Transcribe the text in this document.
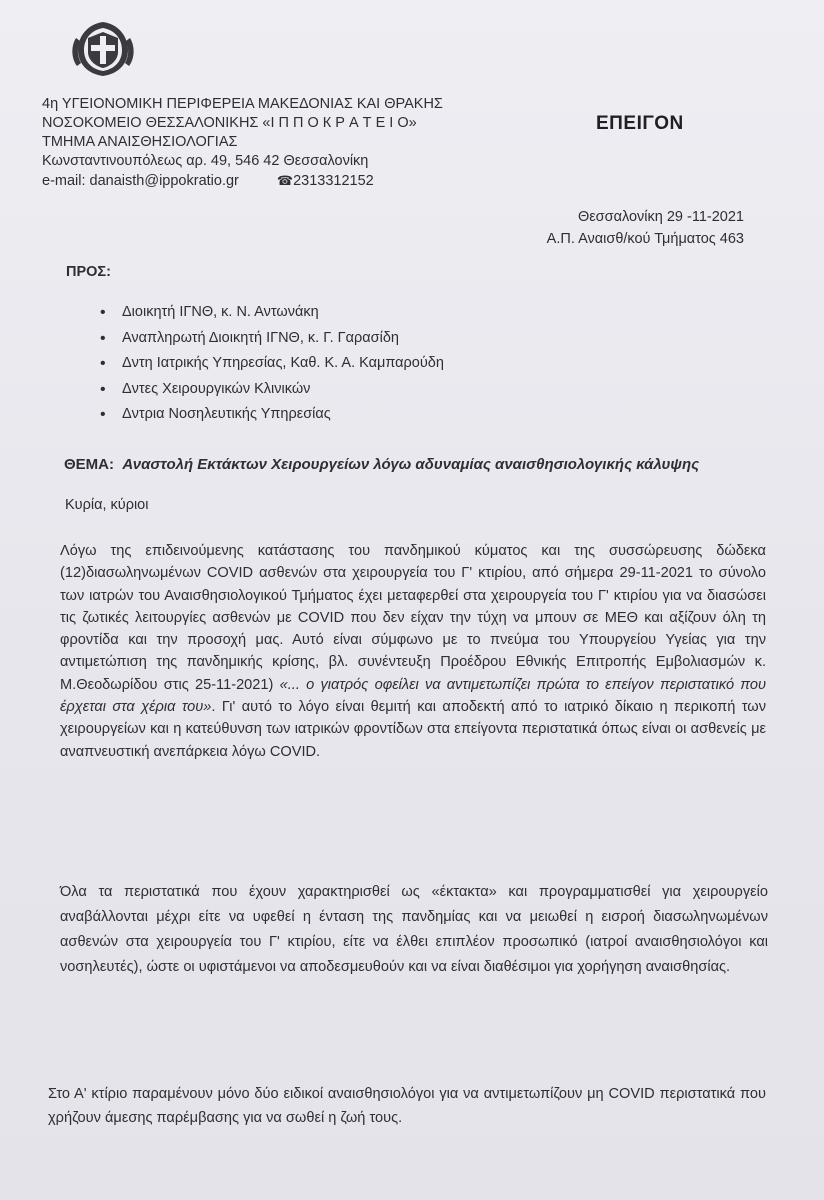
4η ΥΓΕΙΟΝΟΜΙΚΗ ΠΕΡΙΦΕΡΕΙΑ ΜΑΚΕΔΟΝΙΑΣ ΚΑΙ ΘΡΑΚΗΣ
ΝΟΣΟΚΟΜΕΙΟ ΘΕΣΣΑΛΟΝΙΚΗΣ «Ι Π П О К Р А Т Е І О»
ΤΜΗΜΑ ΑΝΑΙΣΘΗΣΙΟΛΟΓΙΑΣ
Κωνσταντινουπόλεως αρ. 49, 546 42 Θεσσαλονίκη
e-mail: danaisth@ippokratio.gr	☎2313312152
ΕΠΕΙΓΟΝ
Θεσσαλονίκη 29 -11-2021
Α.Π. Αναισθ/κού Τμήματος 463
ΠΡΟΣ:
• Διοικητή ΙΓΝΘ, κ. Ν. Αντωνάκη
• Αναπληρωτή Διοικητή ΙΓΝΘ, κ. Γ. Γαρασίδη
• Δντη Ιατρικής Υπηρεσίας, Καθ. Κ. Α. Καμπαρούδη
• Δντες Χειρουργικών Κλινικών
• Δντρια Νοσηλευτικής Υπηρεσίας
ΘΕΜΑ: Αναστολή Εκτάκτων Χειρουργείων λόγω αδυναμίας αναισθησιολογικής κάλυψης
Κυρία, κύριοι

Λόγω της επιδεινούμενης κατάστασης του πανδημικού κύματος και της συσσώρευσης δώδεκα (12)διασωληνωμένων COVID ασθενών στα χειρουργεία του Γ' κτιρίου, από σήμερα 29-11-2021 το σύνολο των ιατρών του Αναισθησιολογικού Τμήματος έχει μεταφερθεί στα χειρουργεία του Γ' κτιρίου για να διασώσει τις ζωτικές λειτουργίες ασθενών με COVID που δεν είχαν την τύχη να μπουν σε ΜΕΘ και αξίζουν όλη τη φροντίδα και την προσοχή μας. Αυτό είναι σύμφωνο με το πνεύμα του Υπουργείου Υγείας για την αντιμετώπιση της πανδημικής κρίσης, βλ. συνέντευξη Προέδρου Εθνικής Επιτροπής Εμβολιασμών κ. Μ.Θεοδωρίδου στις 25-11-2021) «... ο γιατρός οφείλει να αντιμετωπίζει πρώτα το επείγον περιστατικό που έρχεται στα χέρια του». Γι' αυτό το λόγο είναι θεμιτή και αποδεκτή από το ιατρικό δίκαιο η περικοπή των χειρουργείων και η κατεύθυνση των ιατρικών φροντίδων στα επείγοντα περιστατικά όπως είναι οι ασθενείς με αναπνευστική ανεπάρκεια λόγω COVID.

Όλα τα περιστατικά που έχουν χαρακτηρισθεί ως «έκτακτα» και προγραμματισθεί για χειρουργείο αναβάλλονται μέχρι είτε να υφεθεί η ένταση της πανδημίας και να μειωθεί η εισροή διασωληνωμένων ασθενών στα χειρουργεία του Γ' κτιρίου, είτε να έλθει επιπλέον προσωπικό (ιατροί αναισθησιολόγοι και νοσηλευτές), ώστε οι υφιστάμενοι να αποδεσμευθούν και να είναι διαθέσιμοι για χορήγηση αναισθησίας.

Στο Α' κτίριο παραμένουν μόνο δύο ειδικοί αναισθησιολόγοι για να αντιμετωπίζουν μη COVID περιστατικά που χρήζουν άμεσης παρέμβασης για να σωθεί η ζωή τους.
